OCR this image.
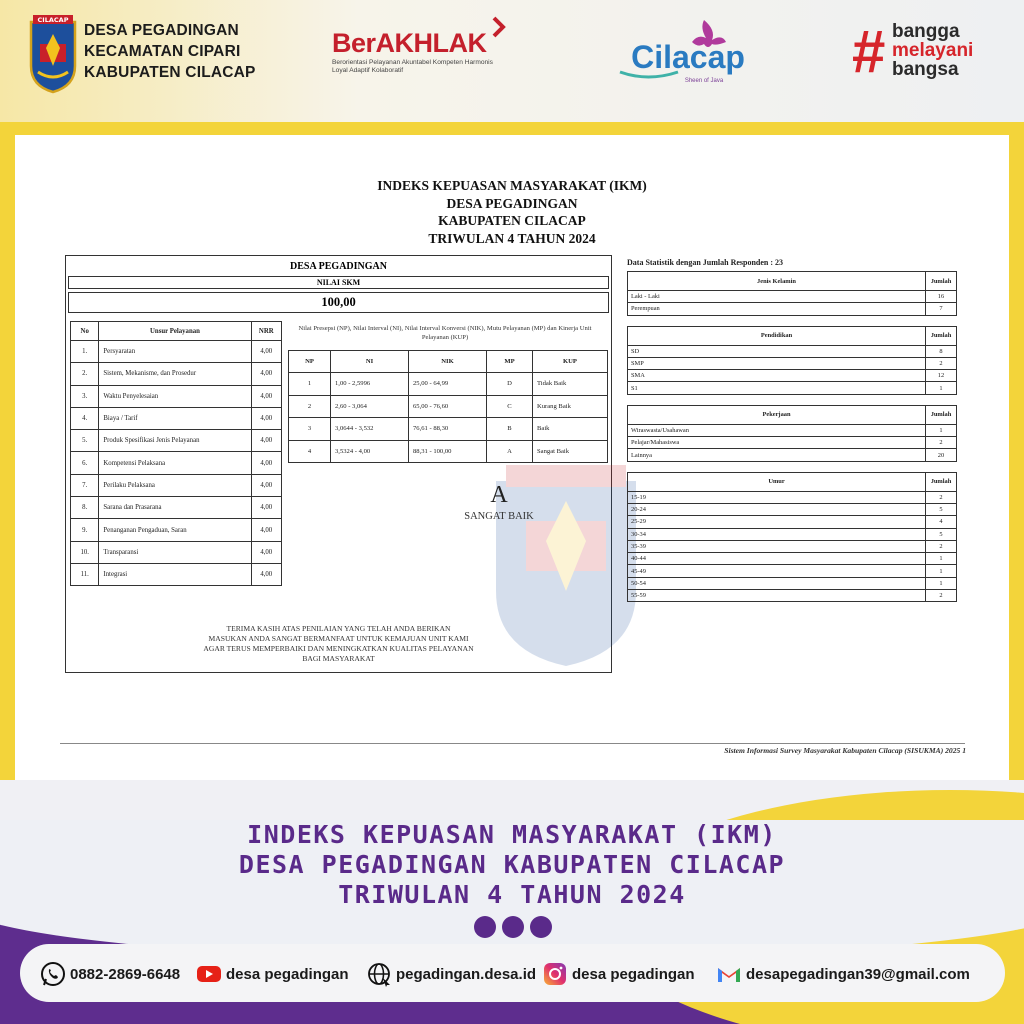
CILACAP
DESA PEGADINGAN
KECAMATAN CIPARI
KABUPATEN CILACAP
BerAKHLAK
Berorientasi Pelayanan Akuntabel Kompeten Harmonis Loyal Adaptif Kolaboratif	Cilacap
Sheen of Java # bangga
melayani
bangsa
INDEKS KEPUASAN MASYARAKAT (IKM)
DESA PEGADINGAN
KABUPATEN CILACAP
TRIWULAN 4 TAHUN 2024
DESA PEGADINGAN
NILAI SKM
100,00
No	Unsur Pelayanan	NRR
1.	Persyaratan	4,00
2.	Sistem, Mekanisme, dan Prosedur	4,00
3.	Waktu Penyelesaian	4,00
4.	Biaya / Tarif	4,00
5.	Produk Spesifikasi Jenis Pelayanan	4,00
6.	Kompetensi Pelaksana	4,00
7.	Perilaku Pelaksana	4,00
8.	Sarana dan Prasarana	4,00
9.	Penanganan Pengaduan, Saran	4,00
10.	Transparansi	4,00
11.	Integrasi	4,00
Nilai Presepsi (NP), Nilai Interval (NI), Nilai Interval Konversi (NIK), Mutu Pelayanan (MP) dan Kinerja Unit Pelayanan (KUP)
NP	NI	NIK	MP	KUP
1	1,00 - 2,5996	25,00 - 64,99	D	Tidak Baik
2	2,60 - 3,064	65,00 - 76,60	C	Kurang Baik
3	3,0644 - 3,532	76,61 - 88,30	B	Baik
4	3,5324 - 4,00	88,31 - 100,00	A	Sangat Baik
A
SANGAT BAIK
TERIMA KASIH ATAS PENILAIAN YANG TELAH ANDA BERIKAN
MASUKAN ANDA SANGAT BERMANFAAT UNTUK KEMAJUAN UNIT KAMI
AGAR TERUS MEMPERBAIKI DAN MENINGKATKAN KUALITAS PELAYANAN
BAGI MASYARAKAT
Data Statistik dengan Jumlah Responden : 23
Jenis Kelamin	Jumlah
Laki - Laki	16
Perempuan	7
Pendidikan	Jumlah
SD	8
SMP	2
SMA	12
S1	1
Pekerjaan	Jumlah
Wiraswasta/Usahawan	1
Pelajar/Mahasiswa	2
Lainnya	20
Umur	Jumlah
15-19	2
20-24	5
25-29	4
30-34	5
35-39	2
40-44	1
45-49	1
50-54	1
55-59	2
Sistem Informasi Survey Masyarakat Kabupaten Cilacap (SISUKMA) 2025 1
INDEKS KEPUASAN MASYARAKAT (IKM)
DESA PEGADINGAN KABUPATEN CILACAP
TRIWULAN 4 TAHUN 2024
0882-2869-6648	desa pegadingan	pegadingan.desa.id desa pegadingan	desapegadingan39@gmail.com
